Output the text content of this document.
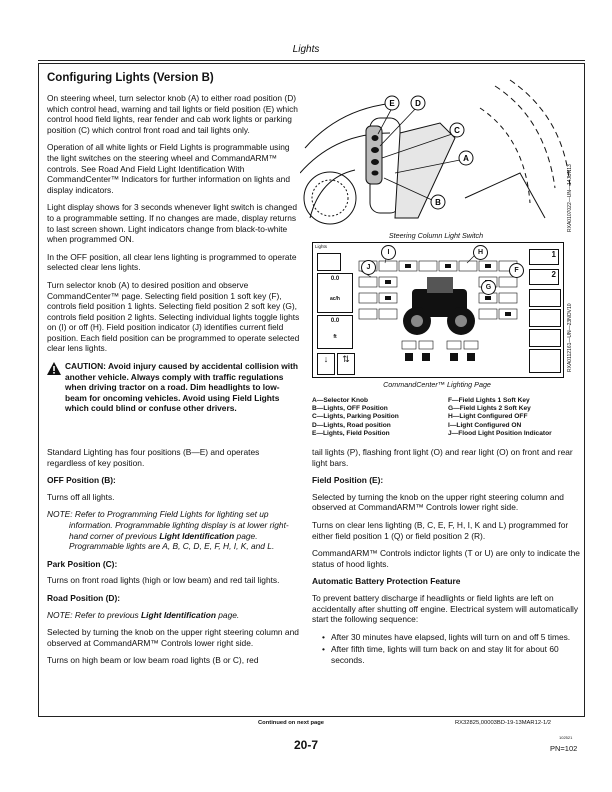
Lights
Configuring Lights (Version B)

On steering wheel, turn selector knob (A) to either road position (D) which control head, warning and tail lights or field position (E) which control hood field lights, rear fender and cab work lights or parking position (C) which control front road and tail lights only.

Operation of all white lights or Field Lights is programmable using the light switches on the steering wheel and CommandARM™ controls. See Road And Field Light Identification With CommandCenter™ Indicators for further information on lights and display indicators.

Light display shows for 3 seconds whenever light switch is changed to a programmable setting. If no changes are made, display returns to last screen shown. Light indicators change from black-to-white when programmed ON.

In the OFF position, all clear lens lighting is programmed to operate selected clear lens lights.

Turn selector knob (A) to desired position and observe CommandCenter™ page. Selecting field position 1 soft key (F), controls field position 1 lights. Selecting field position 2 soft key (G), controls field position 2 lights. Selecting individual lights toggle lights on (I) or off (H). Field position indicator (J) identifies current field position. Each field position can be programmed to operate selected clear lens lights.

CAUTION: Avoid injury caused by accidental collision with another vehicle. Always comply with traffic regulations when driving tractor on a road. Dim headlights to low-beam for oncoming vehicles. Avoid using Field Lights which could blind or confuse other drivers.

Standard Lighting has four positions (B—E) and operates regardless of key position.

OFF Position (B):

Turns off all lights.

NOTE: Refer to Programming Field Lights for lighting set up information. Programmable lighting display is at lower right-hand corner of previous Light Identification page. Programmable lights are A, B, C, D, E, F, H, I, K, and L.

Park Position (C):

Turns on front road lights (high or low beam) and red tail lights.

Road Position (D):

NOTE: Refer to previous Light Identification page.

Selected by turning the knob on the upper right steering column and observed at CommandARM™ Controls lower right side.

Turns on high beam or low beam road lights (B or C), red

tail lights (P), flashing front light (O) and rear light (O) on front and rear light bars.

Field Position (E):

Selected by turning the knob on the upper right steering column and observed at CommandARM™ Controls lower right side.

Turns on clear lens lighting (B, C, E, F, H, I, K and L) programmed for either field position 1 (Q) or field position 2 (R).

CommandARM™ Controls indictor lights (T or U) are only to indicate the status of hood lights.

Automatic Battery Protection Feature

To prevent battery discharge if headlights or field lights are left on accidentally after shutting off engine. Electrical system will automatically start the following sequence:

• After 30 minutes have elapsed, lights will turn on and off 5 times.
• After fifth time, lights will turn back on and stay lit for about 60 seconds.
E	D
C
A
B	RXA0107022—UN—14JUN13
Steering Column Light Switch
Lights
0.0
ac/h
0.0
ft
↓	⇅
I	H
J	F
G
1
2
RXA0112161—UN—23NOV10
CommandCenter™ Lighting Page
A—Selector Knob	F—Field Lights 1 Soft Key
B—Lights, OFF Position	G—Field Lights 2 Soft Key
C—Lights, Parking Position	H—Light Configured OFF
D—Lights, Road position	I—Light Configured ON
E—Lights, Field Position	J—Flood Light Position Indicator
Continued on next page	RX32825,00003BD-19-13MAR12-1/2
20-7
102521
PN=102
